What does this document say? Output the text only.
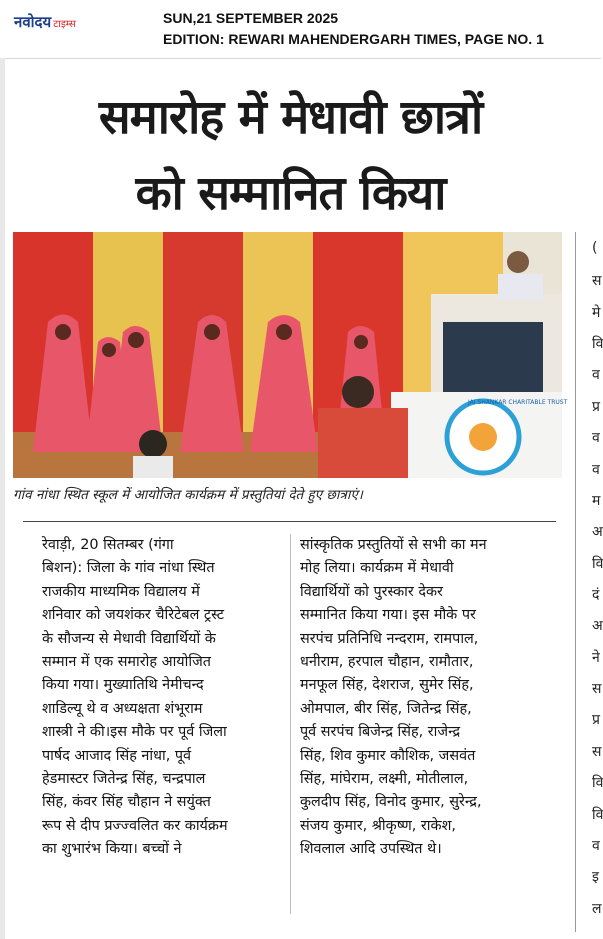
नवोदय टाइम्स	SUN,21 SEPTEMBER 2025
EDITION: REWARI MAHENDERGARH TIMES, PAGE NO. 1
समारोह में मेधावी छात्रों
को सम्मानित किया
JAI SHANKAR CHARITABLE TRUST
गांव नांधा स्थित स्कूल में आयोजित कार्यक्रम में प्रस्तुतियां देते हुए छात्राएं।
रेवाड़ी, 20 सितम्बर (गंगा
बिशन): जिला के गांव नांधा स्थित
राजकीय माध्यमिक विद्यालय में
शनिवार को जयशंकर चैरिटेबल ट्रस्ट
के सौजन्य से मेधावी विद्यार्थियों के
सम्मान में एक समारोह आयोजित
किया गया। मुख्यातिथि नेमीचन्द
शाडिल्यू थे व अध्यक्षता शंभूराम
शास्त्री ने की।इस मौके पर पूर्व जिला
पार्षद आजाद सिंह नांधा, पूर्व
हेडमास्टर जितेन्द्र सिंह, चन्द्रपाल
सिंह, कंवर सिंह चौहान ने सयुंक्त
रूप से दीप प्रज्ज्वलित कर कार्यक्रम
का शुभारंभ किया। बच्चों ने
सांस्कृतिक प्रस्तुतियों से सभी का मन
मोह लिया। कार्यक्रम में मेधावी
विद्यार्थियों को पुरस्कार देकर
सम्मानित किया गया। इस मौके पर
सरपंच प्रतिनिधि नन्दराम, रामपाल,
धनीराम, हरपाल चौहान, रामौतार,
मनफूल सिंह, देशराज, सुमेर सिंह,
ओमपाल, बीर सिंह, जितेन्द्र सिंह,
पूर्व सरपंच बिजेन्द्र सिंह, राजेन्द्र
सिंह, शिव कुमार कौशिक, जसवंत
सिंह, मांघेराम, लक्ष्मी, मोतीलाल,
कुलदीप सिंह, विनोद कुमार, सुरेन्द्र,
संजय कुमार, श्रीकृष्ण, राकेश,
शिवलाल आदि उपस्थित थे।
(
स
मे
वि
व
प्र
व
व
म
अ
वि
दं
अ
ने
स
प्र
स
वि
वि
व
इ
ल
